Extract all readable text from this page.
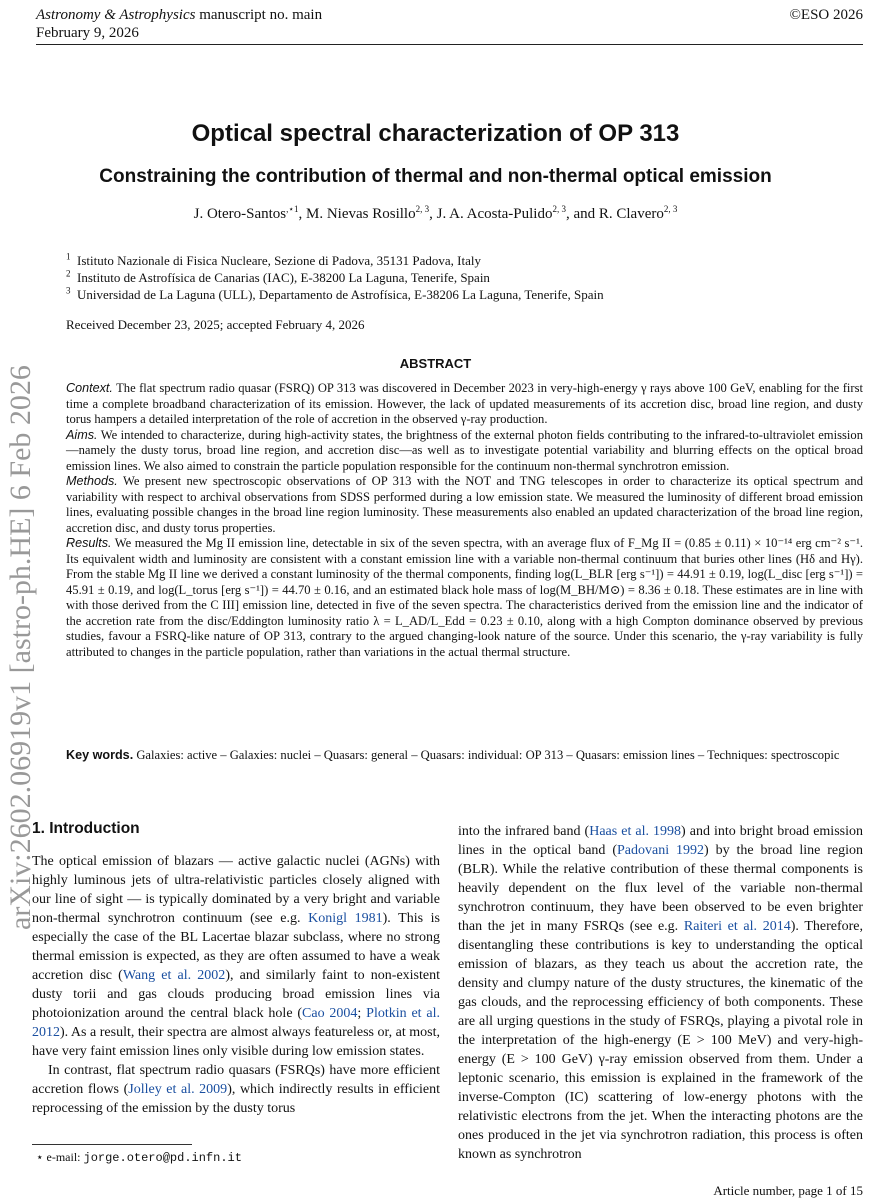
Astronomy & Astrophysics manuscript no. main
February 9, 2026
©ESO 2026
arXiv:2602.06919v1 [astro-ph.HE] 6 Feb 2026
Optical spectral characterization of OP 313
Constraining the contribution of thermal and non-thermal optical emission
J. Otero-Santos$^{,⋆1}$, M. Nievas Rosillo$^{2, 3}$, J. A. Acosta-Pulido$^{2, 3}$, and R. Clavero$^{2, 3}$
$^1$ Istituto Nazionale di Fisica Nucleare, Sezione di Padova, 35131 Padova, Italy
$^2$ Instituto de Astrofísica de Canarias (IAC), E-38200 La Laguna, Tenerife, Spain
$^3$ Universidad de La Laguna (ULL), Departamento de Astrofísica, E-38206 La Laguna, Tenerife, Spain
Received December 23, 2025; accepted February 4, 2026
ABSTRACT

Context. The flat spectrum radio quasar (FSRQ) OP 313 was discovered in December 2023 in very-high-energy γ rays above 100 GeV, enabling for the first time a complete broadband characterization of its emission. However, the lack of updated measurements of its accretion disc, broad line region, and dusty torus hampers a detailed interpretation of the role of accretion in the observed γ-ray production.

Aims. We intended to characterize, during high-activity states, the brightness of the external photon fields contributing to the infrared-to-ultraviolet emission—namely the dusty torus, broad line region, and accretion disc—as well as to investigate potential variability and blurring effects on the optical broad emission lines. We also aimed to constrain the particle population responsible for the continuum non-thermal synchrotron emission.

Methods. We present new spectroscopic observations of OP 313 with the NOT and TNG telescopes in order to characterize its optical spectrum and variability with respect to archival observations from SDSS performed during a low emission state. We measured the luminosity of different broad emission lines, evaluating possible changes in the broad line region luminosity. These measurements also enabled an updated characterization of the broad line region, accretion disc, and dusty torus properties.

Results. We measured the Mg II emission line, detectable in six of the seven spectra, with an average flux of F_Mg II = (0.85 ± 0.11) × 10⁻¹⁴ erg cm⁻² s⁻¹. Its equivalent width and luminosity are consistent with a constant emission line with a variable non-thermal continuum that buries other lines (Hδ and Hγ). From the stable Mg II line we derived a constant luminosity of the thermal components, finding log(L_BLR [erg s⁻¹]) = 44.91 ± 0.19, log(L_disc [erg s⁻¹]) = 45.91 ± 0.19, and log(L_torus [erg s⁻¹]) = 44.70 ± 0.16, and an estimated black hole mass of log(M_BH/M⊙) = 8.36 ± 0.18. These estimates are in line with with those derived from the C III] emission line, detected in five of the seven spectra. The characteristics derived from the emission line and the indicator of the accretion rate from the disc/Eddington luminosity ratio λ = L_AD/L_Edd = 0.23 ± 0.10, along with a high Compton dominance observed by previous studies, favour a FSRQ-like nature of OP 313, contrary to the argued changing-look nature of the source. Under this scenario, the γ-ray variability is fully attributed to changes in the particle population, rather than variations in the actual thermal structure.

Key words. Galaxies: active – Galaxies: nuclei – Quasars: general – Quasars: individual: OP 313 – Quasars: emission lines – Techniques: spectroscopic
1. Introduction

The optical emission of blazars — active galactic nuclei (AGNs) with highly luminous jets of ultra-relativistic particles closely aligned with our line of sight — is typically dominated by a very bright and variable non-thermal synchrotron continuum (see e.g. Konigl 1981). This is especially the case of the BL Lacertae blazar subclass, where no strong thermal emission is expected, as they are often assumed to have a weak accretion disc (Wang et al. 2002), and similarly faint to non-existent dusty torii and gas clouds producing broad emission lines via photoionization around the central black hole (Cao 2004; Plotkin et al. 2012). As a result, their spectra are almost always featureless or, at most, have very faint emission lines only visible during low emission states.

In contrast, flat spectrum radio quasars (FSRQs) have more efficient accretion flows (Jolley et al. 2009), which indirectly results in efficient reprocessing of the emission by the dusty torus

⋆ e-mail: jorge.otero@pd.infn.it

into the infrared band (Haas et al. 1998) and into bright broad emission lines in the optical band (Padovani 1992) by the broad line region (BLR). While the relative contribution of these thermal components is heavily dependent on the flux level of the variable non-thermal synchrotron continuum, they have been observed to be even brighter than the jet in many FSRQs (see e.g. Raiteri et al. 2014). Therefore, disentangling these contributions is key to understanding the optical emission of blazars, as they teach us about the accretion rate, the density and clumpy nature of the dusty structures, the kinematic of the gas clouds, and the reprocessing efficiency of both components. These are all urging questions in the study of FSRQs, playing a pivotal role in the interpretation of the high-energy (E > 100 MeV) and very-high-energy (E > 100 GeV) γ-ray emission observed from them. Under a leptonic scenario, this emission is explained in the framework of the inverse-Compton (IC) scattering of low-energy photons with the relativistic electrons from the jet. When the interacting photons are the ones produced in the jet via synchrotron radiation, this process is often known as synchrotron

Article number, page 1 of 15
